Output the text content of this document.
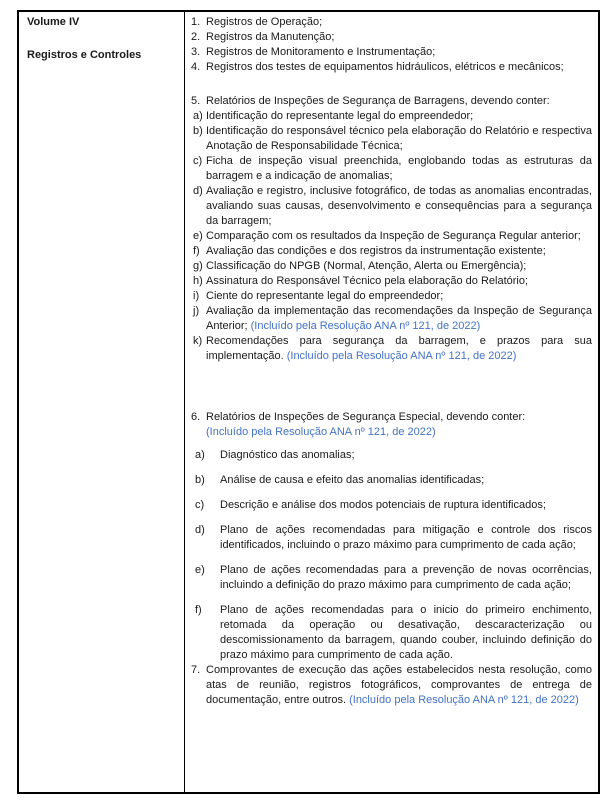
Volume IV
Registros e Controles
1. Registros de Operação;
2. Registros da Manutenção;
3. Registros de Monitoramento e Instrumentação;
4. Registros dos testes de equipamentos hidráulicos, elétricos e mecânicos;
5. Relatórios de Inspeções de Segurança de Barragens, devendo conter:
a) Identificação do representante legal do empreendedor;
b) Identificação do responsável técnico pela elaboração do Relatório e respectiva Anotação de Responsabilidade Técnica;
c) Ficha de inspeção visual preenchida, englobando todas as estruturas da barragem e a indicação de anomalias;
d) Avaliação e registro, inclusive fotográfico, de todas as anomalias encontradas, avaliando suas causas, desenvolvimento e consequências para a segurança da barragem;
e) Comparação com os resultados da Inspeção de Segurança Regular anterior;
f) Avaliação das condições e dos registros da instrumentação existente;
g) Classificação do NPGB (Normal, Atenção, Alerta ou Emergência);
h) Assinatura do Responsável Técnico pela elaboração do Relatório;
i) Ciente do representante legal do empreendedor;
j) Avaliação da implementação das recomendações da Inspeção de Segurança Anterior; (Incluído pela Resolução ANA nº 121, de 2022)
k) Recomendações para segurança da barragem, e prazos para sua implementação. (Incluído pela Resolução ANA nº 121, de 2022)
6. Relatórios de Inspeções de Segurança Especial, devendo conter:
(Incluído pela Resolução ANA nº 121, de 2022)
a) Diagnóstico das anomalias;
b) Análise de causa e efeito das anomalias identificadas;
c) Descrição e análise dos modos potenciais de ruptura identificados;
d) Plano de ações recomendadas para mitigação e controle dos riscos identificados, incluindo o prazo máximo para cumprimento de cada ação;
e) Plano de ações recomendadas para a prevenção de novas ocorrências, incluindo a definição do prazo máximo para cumprimento de cada ação;
f) Plano de ações recomendadas para o inicio do primeiro enchimento, retomada da operação ou desativação, descaracterização ou descomissionamento da barragem, quando couber, incluindo definição do prazo máximo para cumprimento de cada ação.
7. Comprovantes de execução das ações estabelecidos nesta resolução, como atas de reunião, registros fotográficos, comprovantes de entrega de documentação, entre outros. (Incluído pela Resolução ANA nº 121, de 2022)
